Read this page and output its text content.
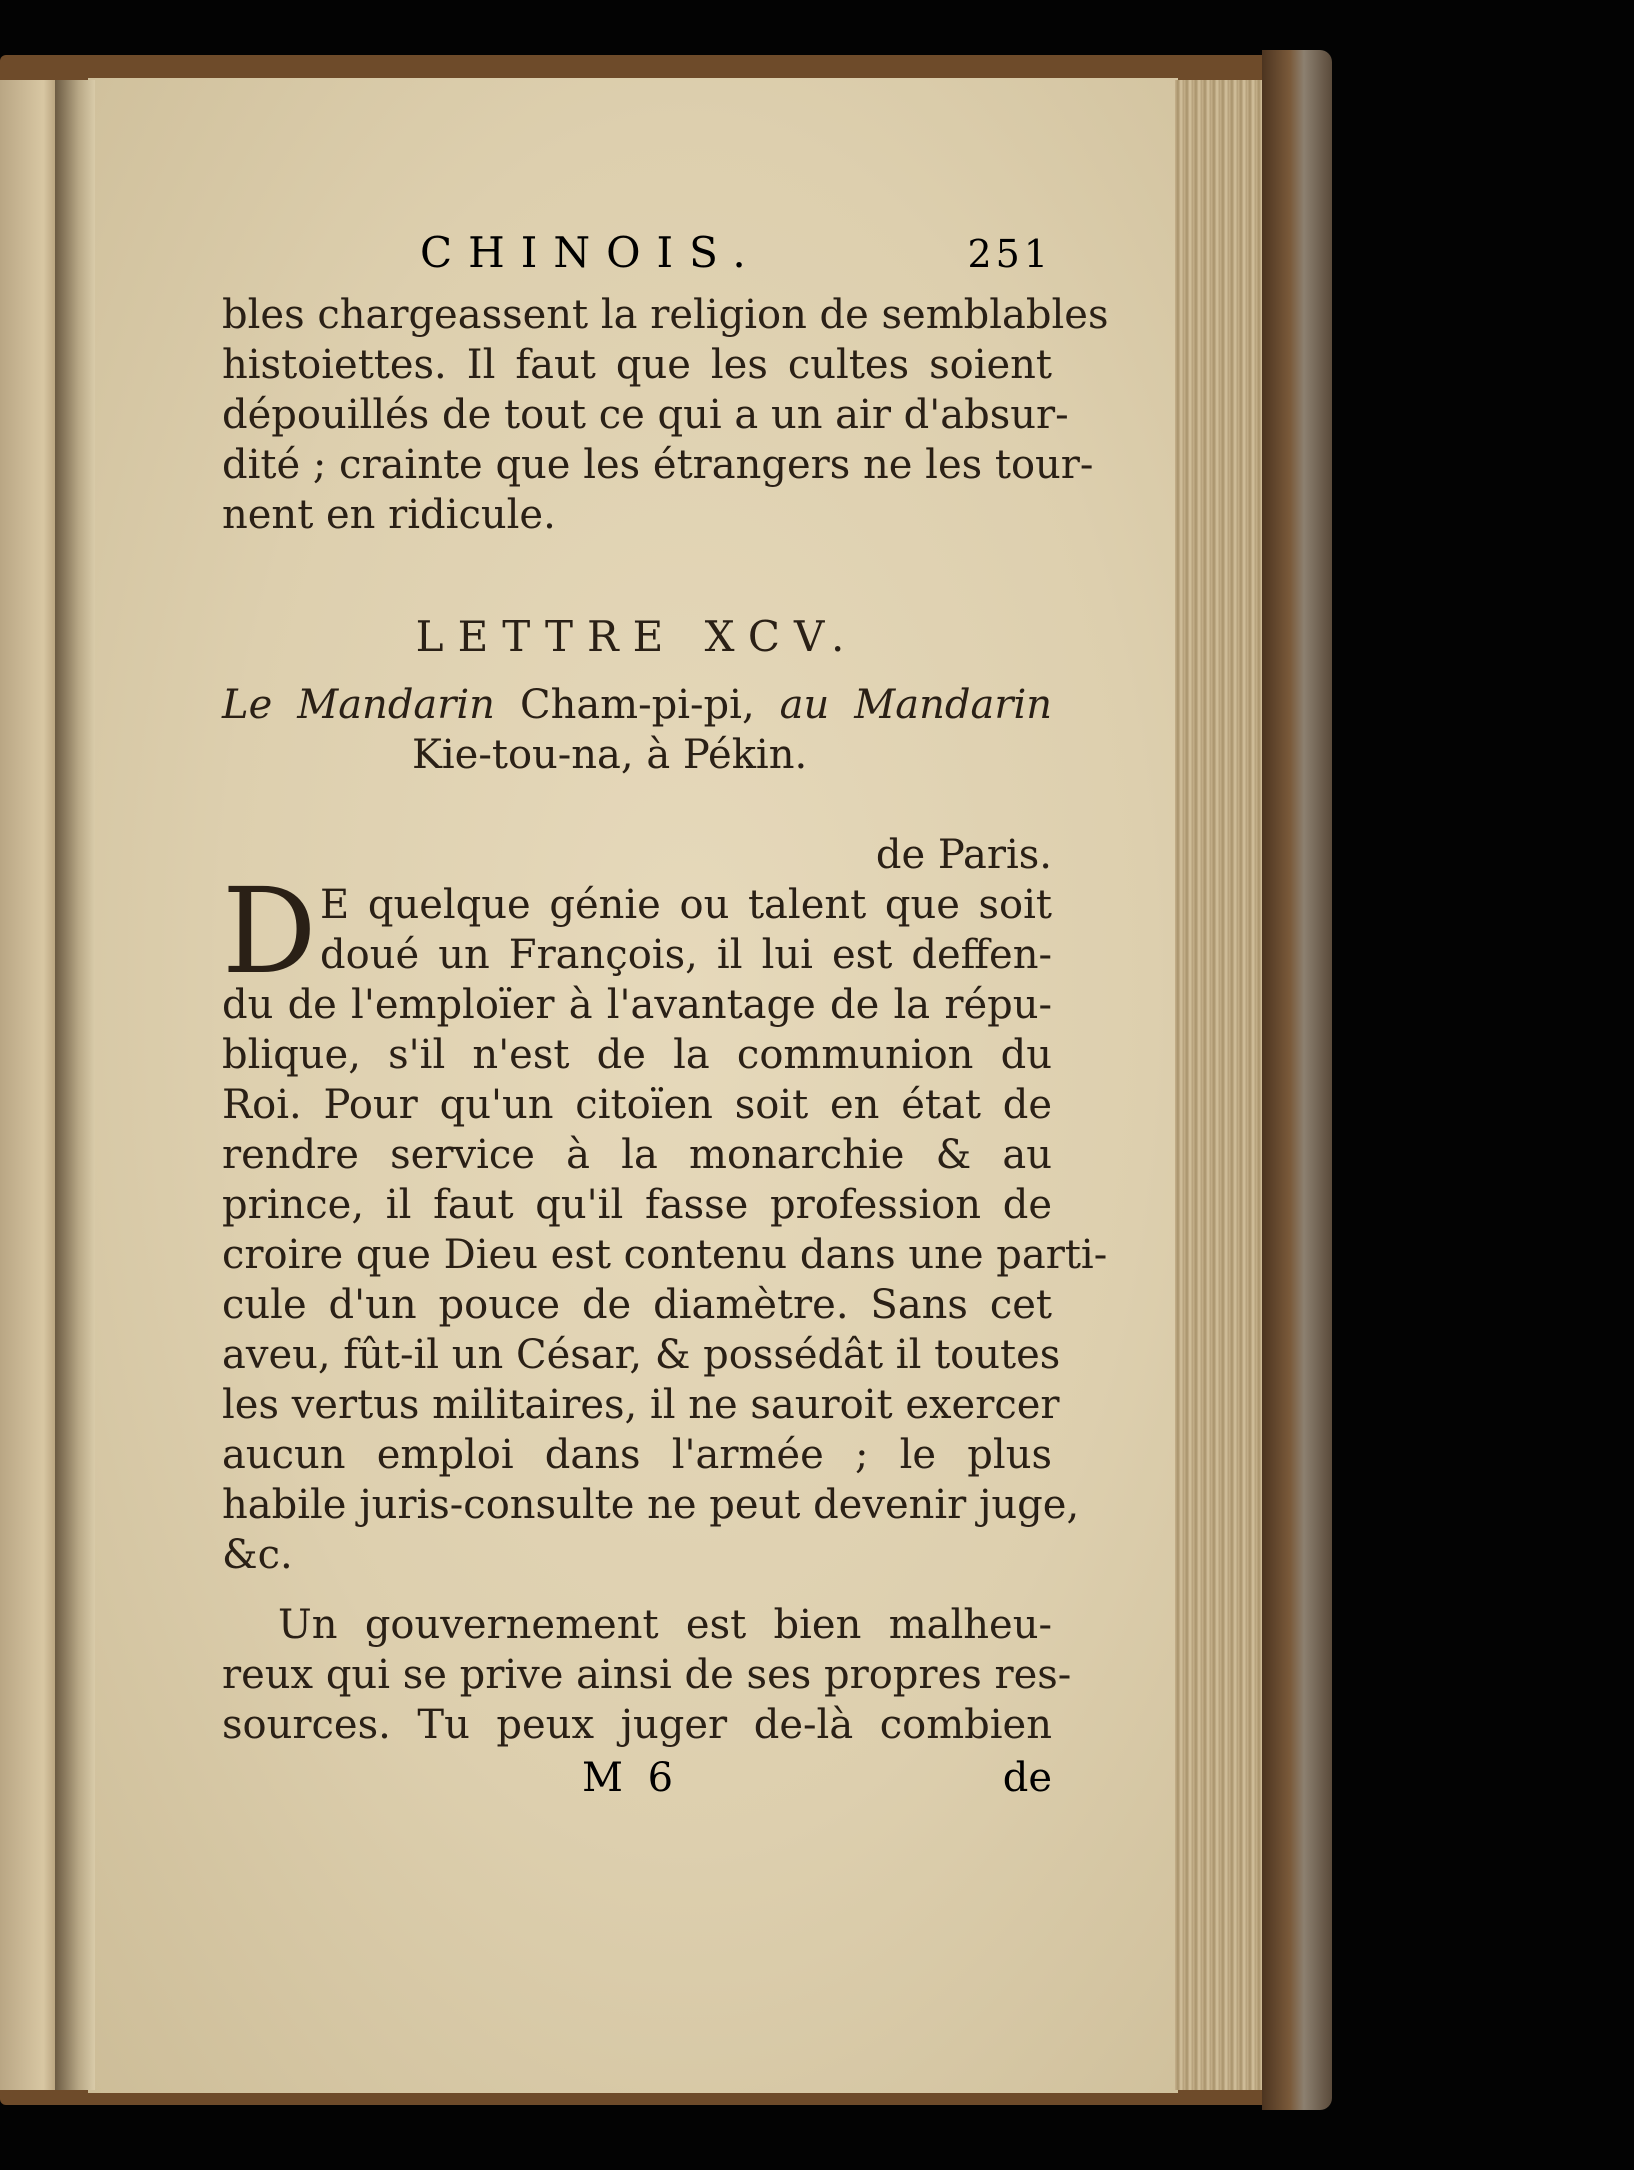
CHINOIS.	251
bles chargeassent la religion de semblables
histoiettes. Il faut que les cultes soient
dépouillés de tout ce qui a un air d'absur-
dité ; crainte que les étrangers ne les tour-
nent en ridicule.
LETTRE XCV.
Le Mandarin Cham-pi-pi, au Mandarin
Kie-tou-na, à Pékin.
de Paris.
D E quelque génie ou talent que soit
doué un François, il lui est deffen-
du de l'emploïer à l'avantage de la répu-
blique, s'il n'est de la communion du
Roi. Pour qu'un citoïen soit en état de
rendre service à la monarchie & au
prince, il faut qu'il fasse profession de
croire que Dieu est contenu dans une parti-
cule d'un pouce de diamètre. Sans cet
aveu, fût-il un César, & possédât il toutes
les vertus militaires, il ne sauroit exercer
aucun emploi dans l'armée ; le plus
habile juris-consulte ne peut devenir juge,
&c.
Un gouvernement est bien malheu-
reux qui se prive ainsi de ses propres res-
sources. Tu peux juger de-là combien
M 6	de
